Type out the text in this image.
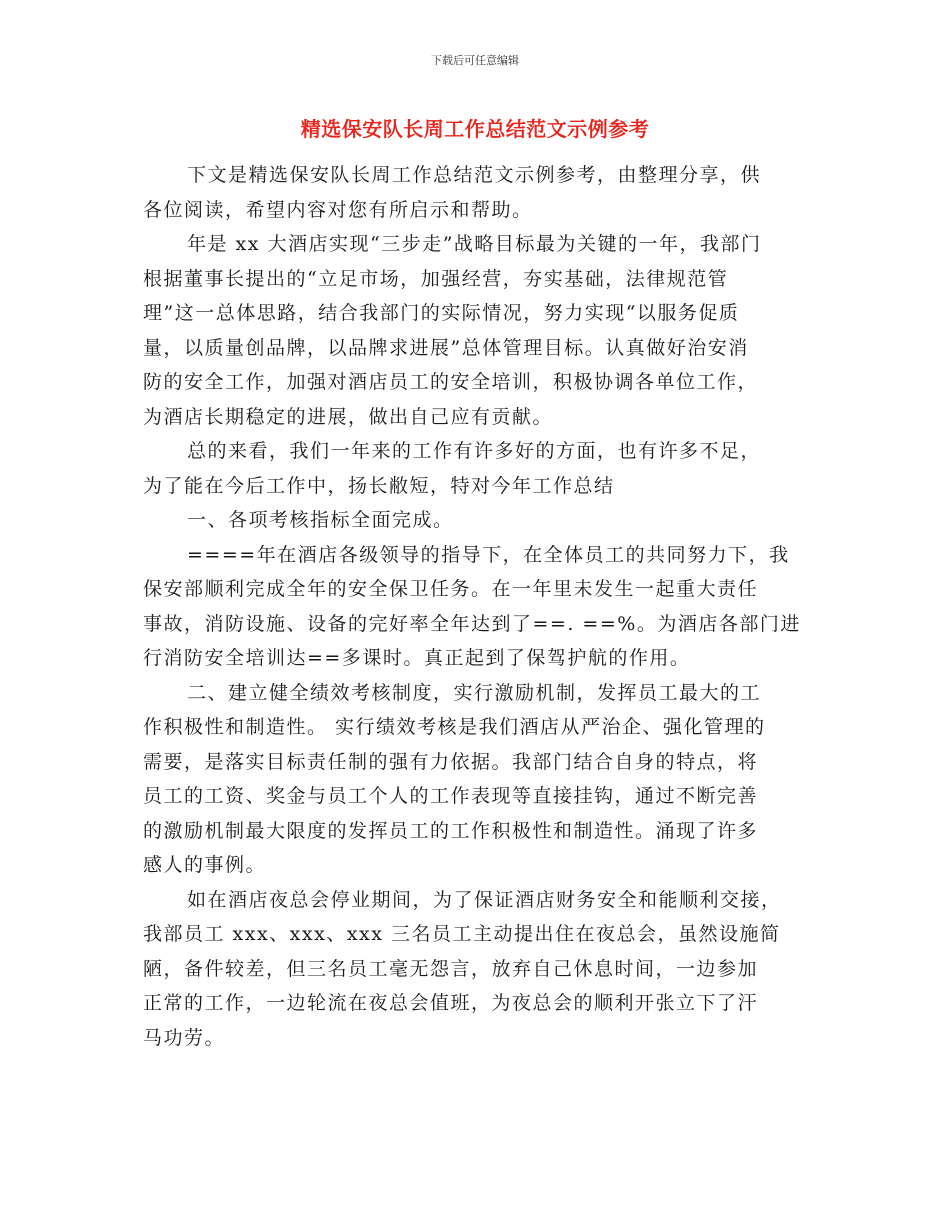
下载后可任意编辑
精选保安队长周工作总结范文示例参考
下文是精选保安队长周工作总结范文示例参考，由整理分享，供
各位阅读，希望内容对您有所启示和帮助。
年是 xx 大酒店实现“三步走”战略目标最为关键的一年，我部门
根据董事长提出的“立足市场，加强经营，夯实基础，法律规范管
理”这一总体思路，结合我部门的实际情况，努力实现“以服务促质
量，以质量创品牌，以品牌求进展”总体管理目标。认真做好治安消
防的安全工作，加强对酒店员工的安全培训，积极协调各单位工作，
为酒店长期稳定的进展，做出自己应有贡献。
总的来看，我们一年来的工作有许多好的方面，也有许多不足，
为了能在今后工作中，扬长敝短，特对今年工作总结
一、各项考核指标全面完成。
====年在酒店各级领导的指导下，在全体员工的共同努力下，我
保安部顺利完成全年的安全保卫任务。在一年里未发生一起重大责任
事故，消防设施、设备的完好率全年达到了==. ==%。为酒店各部门进
行消防安全培训达==多课时。真正起到了保驾护航的作用。
二、建立健全绩效考核制度，实行激励机制，发挥员工最大的工
作积极性和制造性。 实行绩效考核是我们酒店从严治企、强化管理的
需要，是落实目标责任制的强有力依据。我部门结合自身的特点，将
员工的工资、奖金与员工个人的工作表现等直接挂钩，通过不断完善
的激励机制最大限度的发挥员工的工作积极性和制造性。涌现了许多
感人的事例。
如在酒店夜总会停业期间，为了保证酒店财务安全和能顺利交接，
我部员工 xxx、xxx、xxx 三名员工主动提出住在夜总会，虽然设施简
陋，备件较差，但三名员工毫无怨言，放弃自己休息时间，一边参加
正常的工作，一边轮流在夜总会值班，为夜总会的顺利开张立下了汗
马功劳。
